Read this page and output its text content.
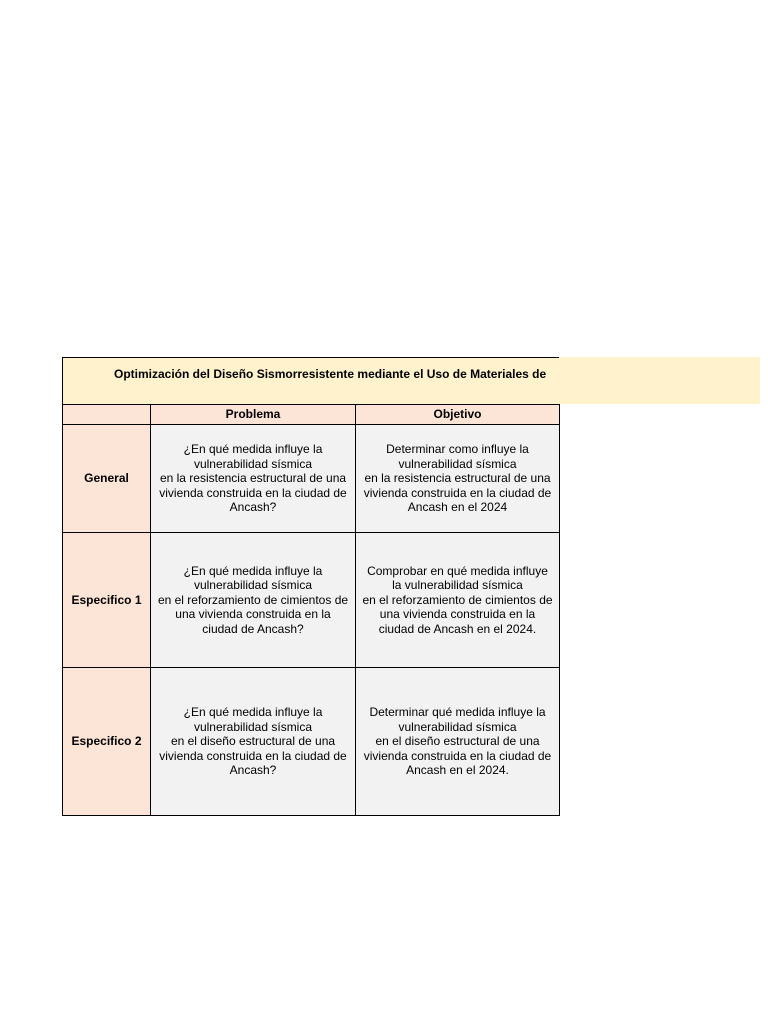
Optimización del Diseño Sismorresistente mediante el Uso de Materiales de
Problema	Objetivo
General
¿En qué medida influye la
vulnerabilidad sísmica
en la resistencia estructural de una
vivienda construida en la ciudad de
Ancash?
Determinar como influye la
vulnerabilidad sísmica
en la resistencia estructural de una
vivienda construida en la ciudad de
Ancash en el 2024
Especifico 1
¿En qué medida influye la
vulnerabilidad sísmica
en el reforzamiento de cimientos de
una vivienda construida en la
ciudad de Ancash?
Comprobar en qué medida influye
la vulnerabilidad sísmica
en el reforzamiento de cimientos de
una vivienda construida en la
ciudad de Ancash en el 2024.
Especifico 2
¿En qué medida influye la
vulnerabilidad sísmica
en el diseño estructural de una
vivienda construida en la ciudad de
Ancash?
Determinar qué medida influye la
vulnerabilidad sísmica
en el diseño estructural de una
vivienda construida en la ciudad de
Ancash en el 2024.
